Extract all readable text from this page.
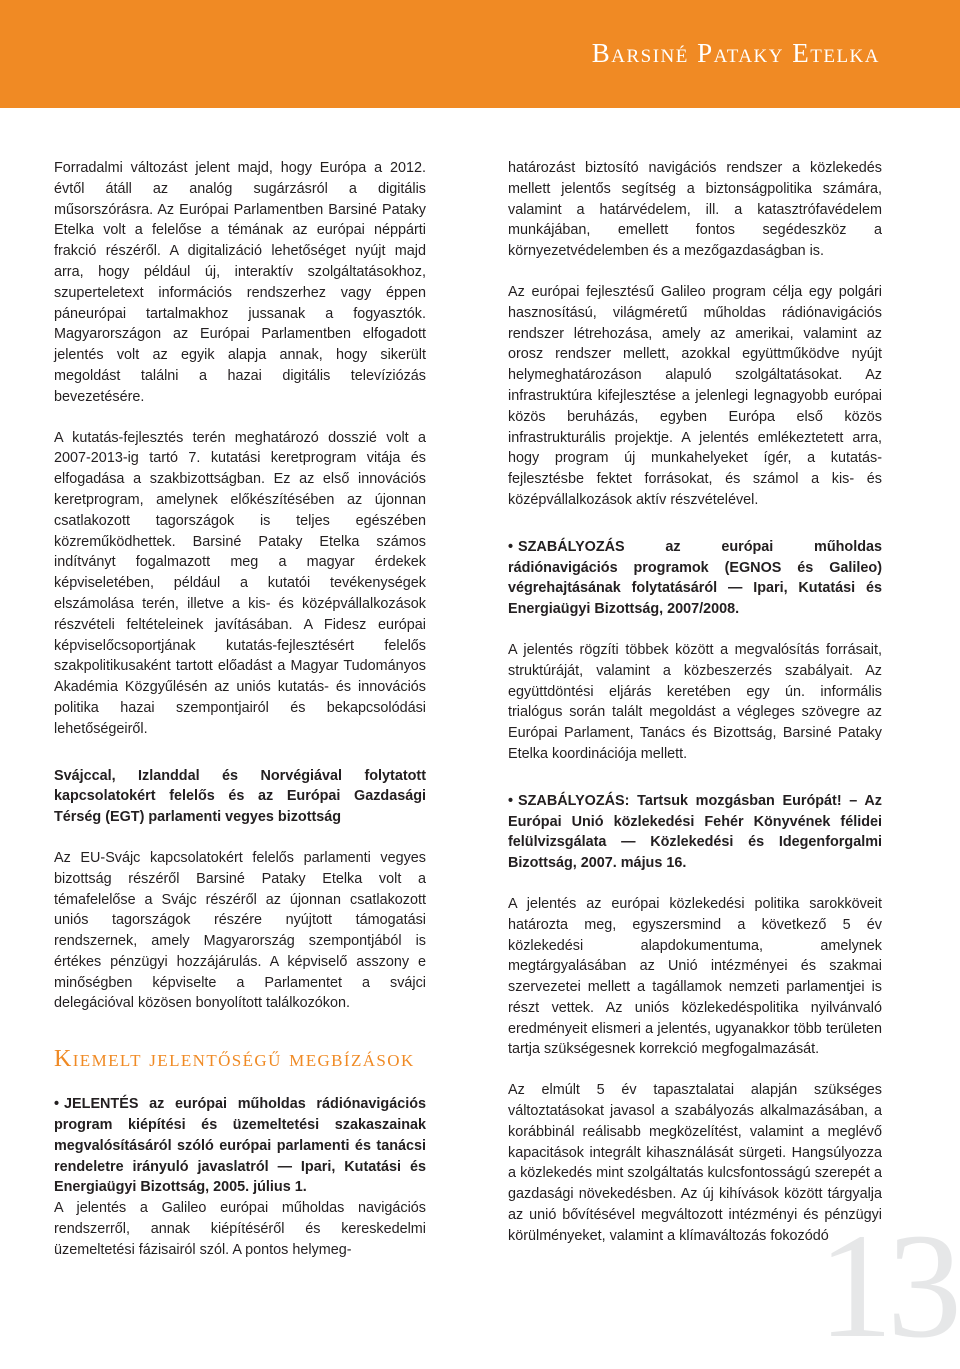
Barsiné Pataky Etelka

Forradalmi változást jelent majd, hogy Európa a 2012. évtől átáll az analóg sugárzásról a digitális műsorszórásra. Az Európai Parlamentben Barsiné Pataky Etelka volt a felelőse a témának az európai néppárti frakció részéről. A digitalizáció lehetőséget nyújt majd arra, hogy például új, interaktív szolgáltatásokhoz, szuperteletext információs rendszerhez vagy éppen páneurópai tartalmakhoz jussanak a fogyasztók. Magyarországon az Európai Parlamentben elfogadott jelentés volt az egyik alapja annak, hogy sikerült megoldást találni a hazai digitális televíziózás bevezetésére.

A kutatás-fejlesztés terén meghatározó dosszié volt a 2007-2013-ig tartó 7. kutatási keretprogram vitája és elfogadása a szakbizottságban. Ez az első innovációs keretprogram, amelynek előkészítésében az újonnan csatlakozott tagországok is teljes egészében közreműködhettek. Barsiné Pataky Etelka számos indítványt fogalmazott meg a magyar érdekek képviseletében, például a kutatói tevékenységek elszámolása terén, illetve a kis- és középvállalkozások részvételi feltételeinek javításában. A Fidesz európai képviselőcsoportjának kutatás-fejlesztésért felelős szakpolitikusaként tartott előadást a Magyar Tudományos Akadémia Közgyűlésén az uniós kutatás- és innovációs politika hazai szempontjairól és bekapcsolódási lehetőségeiről.

Svájccal, Izlanddal és Norvégiával folytatott kapcsolatokért felelős és az Európai Gazdasági Térség (EGT) parlamenti vegyes bizottság

Az EU-Svájc kapcsolatokért felelős parlamenti vegyes bizottság részéről Barsiné Pataky Etelka volt a témafelelőse a Svájc részéről az újonnan csatlakozott uniós tagországok részére nyújtott támogatási rendszernek, amely Magyarország szempontjából is értékes pénzügyi hozzájárulás. A képviselő asszony e minőségben képviselte a Parlamentet a svájci delegációval közösen bonyolított találkozókon.

Kiemelt jelentőségű megbízások

• JELENTÉS az európai műholdas rádiónavigációs program kiépítési és üzemeltetési szakaszainak megvalósításáról szóló európai parlamenti és tanácsi rendeletre irányuló javaslatról — Ipari, Kutatási és Energiaügyi Bizottság, 2005. július 1.

A jelentés a Galileo európai műholdas navigációs rendszerről, annak kiépítéséről és kereskedelmi üzemeltetési fázisairól szól. A pontos helymeg-

határozást biztosító navigációs rendszer a közlekedés mellett jelentős segítség a biztonságpolitika számára, valamint a határvédelem, ill. a katasztrófavédelem munkájában, emellett fontos segédeszköz a környezetvédelemben és a mezőgazdaságban is.

Az európai fejlesztésű Galileo program célja egy polgári hasznosítású, világméretű műholdas rádiónavigációs rendszer létrehozása, amely az amerikai, valamint az orosz rendszer mellett, azokkal együttműködve nyújt helymeghatározáson alapuló szolgáltatásokat. Az infrastruktúra kifejlesztése a jelenlegi legnagyobb európai közös beruházás, egyben Európa első közös infrastrukturális projektje. A jelentés emlékeztetett arra, hogy program új munkahelyeket ígér, a kutatás-fejlesztésbe fektet forrásokat, és számol a kis- és középvállalkozások aktív részvételével.

• SZABÁLYOZÁS az európai műholdas rádiónavigációs programok (EGNOS és Galileo) végrehajtásának folytatásáról — Ipari, Kutatási és Energiaügyi Bizottság, 2007/2008.

A jelentés rögzíti többek között a megvalósítás forrásait, struktúráját, valamint a közbeszerzés szabályait. Az együttdöntési eljárás keretében egy ún. informális trialógus során talált megoldást a végleges szövegre az Európai Parlament, Tanács és Bizottság, Barsiné Pataky Etelka koordinációja mellett.

• SZABÁLYOZÁS: Tartsuk mozgásban Európát! – Az Európai Unió közlekedési Fehér Könyvének félidei felülvizsgálata — Közlekedési és Idegenforgalmi Bizottság, 2007. május 16.

A jelentés az európai közlekedési politika sarokköveit határozta meg, egyszersmind a következő 5 év közlekedési alapdokumentuma, amelynek megtárgyalásában az Unió intézményei és szakmai szervezetei mellett a tagállamok nemzeti parlamentjei is részt vettek. Az uniós közlekedéspolitika nyilvánvaló eredményeit elismeri a jelentés, ugyanakkor több területen tartja szükségesnek korrekció megfogalmazását.

Az elmúlt 5 év tapasztalatai alapján szükséges változtatásokat javasol a szabályozás alkalmazásában, a korábbinál reálisabb megközelítést, valamint a meglévő kapacitások integrált kihasználását sürgeti. Hangsúlyozza a közlekedés mint szolgáltatás kulcsfontosságú szerepét a gazdasági növekedésben. Az új kihívások között tárgyalja az unió bővítésével megváltozott intézményi és pénzügyi körülményeket, valamint a klímaváltozás fokozódó

13
